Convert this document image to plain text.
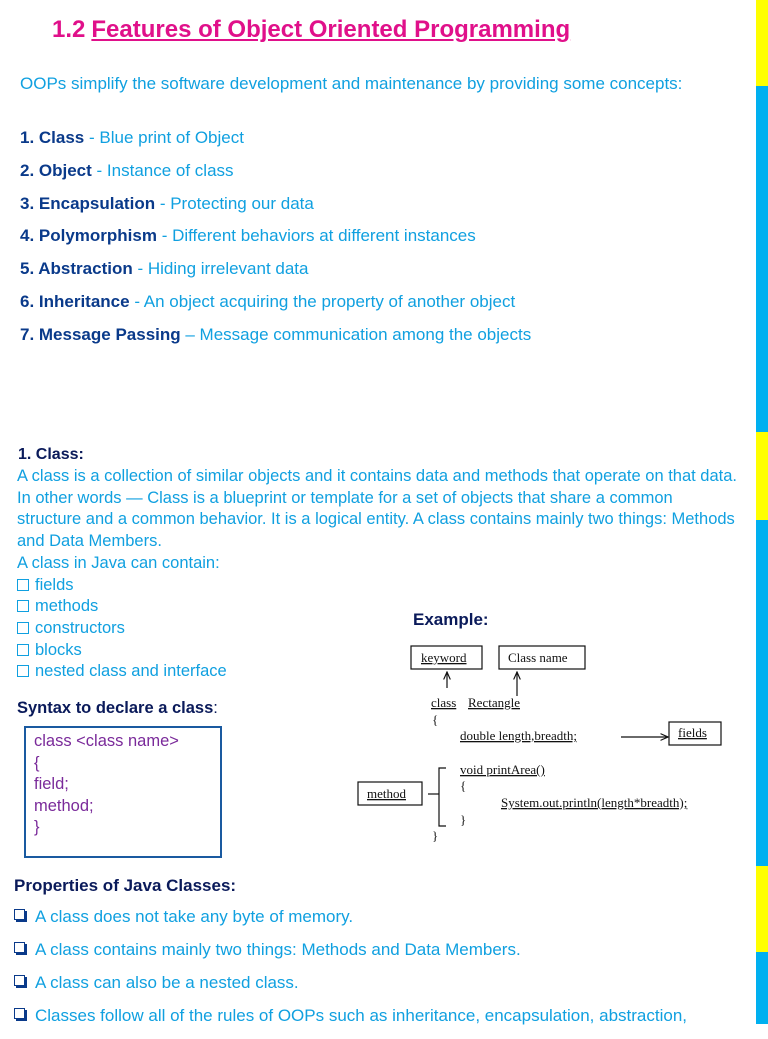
1.2 Features of Object Oriented Programming
OOPs simplify the software development and maintenance by providing some concepts:
1. Class - Blue print of Object
2. Object - Instance of class
3. Encapsulation - Protecting our data
4. Polymorphism - Different behaviors at different instances
5. Abstraction - Hiding irrelevant data
6. Inheritance - An object acquiring the property of another object
7. Message Passing – Message communication among the objects
1. Class:

A class is a collection of similar objects and it contains data and methods that operate on that data. In other words — Class is a blueprint or template for a set of objects that share a common structure and a common behavior. It is a logical entity. A class contains mainly two things: Methods and Data Members.

A class in Java can contain:

fields

methods

constructors

blocks

nested class and interface

Syntax to declare a class:
class <class name>
{
field;
method;
}
Example:
keyword	Class name
class Rectangle
{
double length,breadth;	fields
void printArea()
{
System.out.println(length*breadth);
}
}
method
Properties of Java Classes:
A class does not take any byte of memory.
A class contains mainly two things: Methods and Data Members.
A class can also be a nested class.
Classes follow all of the rules of OOPs such as inheritance, encapsulation, abstraction,
